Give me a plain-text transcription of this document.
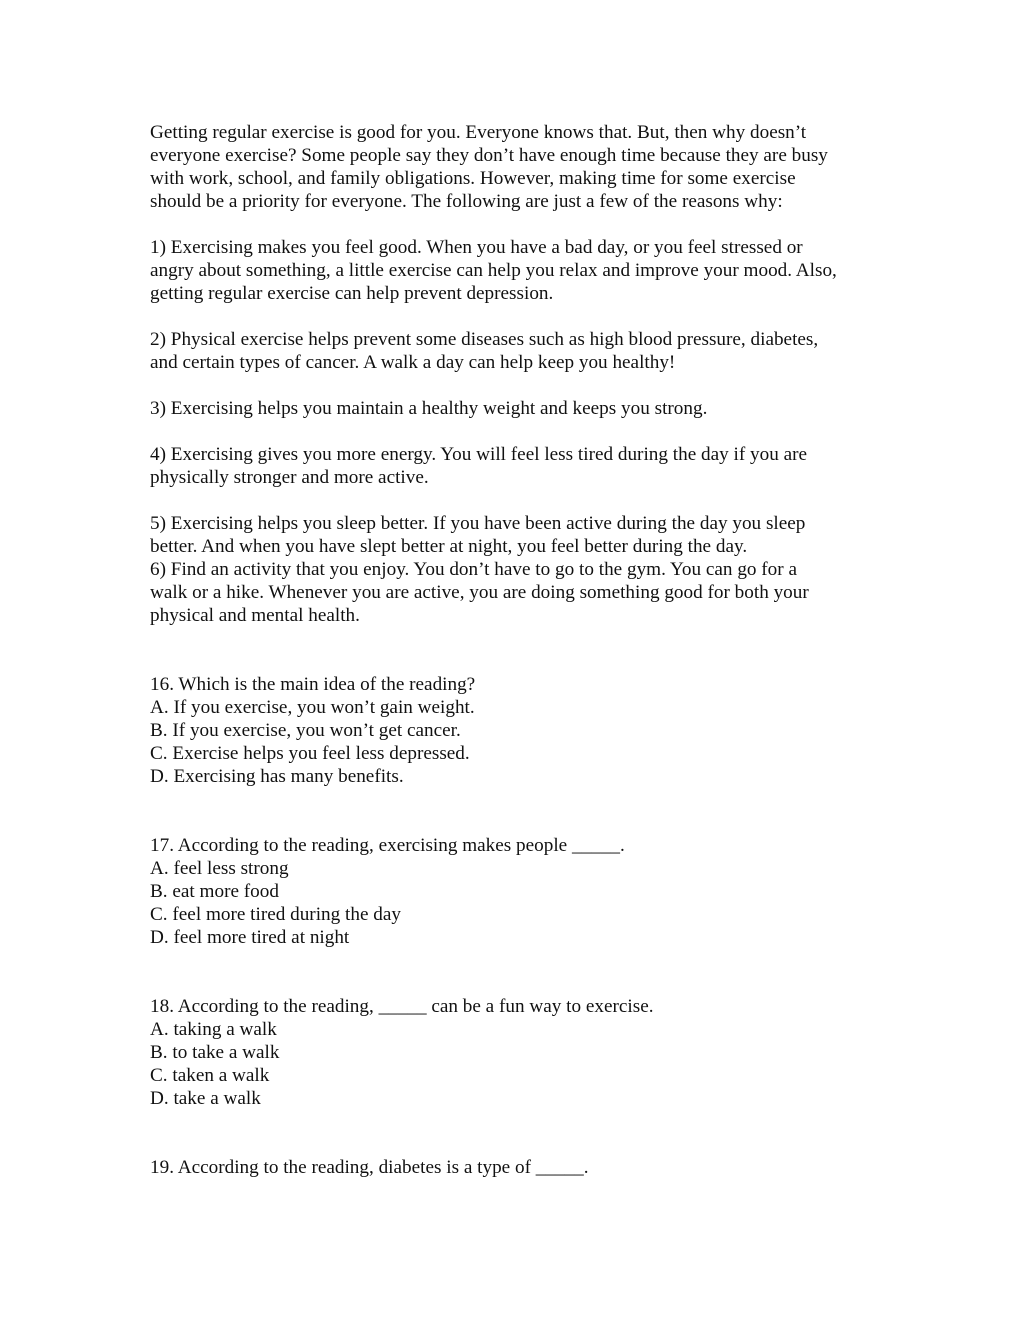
Getting regular exercise is good for you. Everyone knows that. But, then why doesn’t
everyone exercise? Some people say they don’t have enough time because they are busy
with work, school, and family obligations. However, making time for some exercise
should be a priority for everyone. The following are just a few of the reasons why:
1) Exercising makes you feel good. When you have a bad day, or you feel stressed or
angry about something, a little exercise can help you relax and improve your mood. Also,
getting regular exercise can help prevent depression.
2) Physical exercise helps prevent some diseases such as high blood pressure, diabetes,
and certain types of cancer. A walk a day can help keep you healthy!
3) Exercising helps you maintain a healthy weight and keeps you strong.
4) Exercising gives you more energy. You will feel less tired during the day if you are
physically stronger and more active.
5) Exercising helps you sleep better. If you have been active during the day you sleep
better. And when you have slept better at night, you feel better during the day.
6) Find an activity that you enjoy. You don’t have to go to the gym. You can go for a
walk or a hike. Whenever you are active, you are doing something good for both your
physical and mental health.
16. Which is the main idea of the reading?
A. If you exercise, you won’t gain weight.
B. If you exercise, you won’t get cancer.
C. Exercise helps you feel less depressed.
D. Exercising has many benefits.
17. According to the reading, exercising makes people _____.
A. feel less strong
B. eat more food
C. feel more tired during the day
D. feel more tired at night
18. According to the reading, _____ can be a fun way to exercise.
A. taking a walk
B. to take a walk
C. taken a walk
D. take a walk
19. According to the reading, diabetes is a type of _____.
